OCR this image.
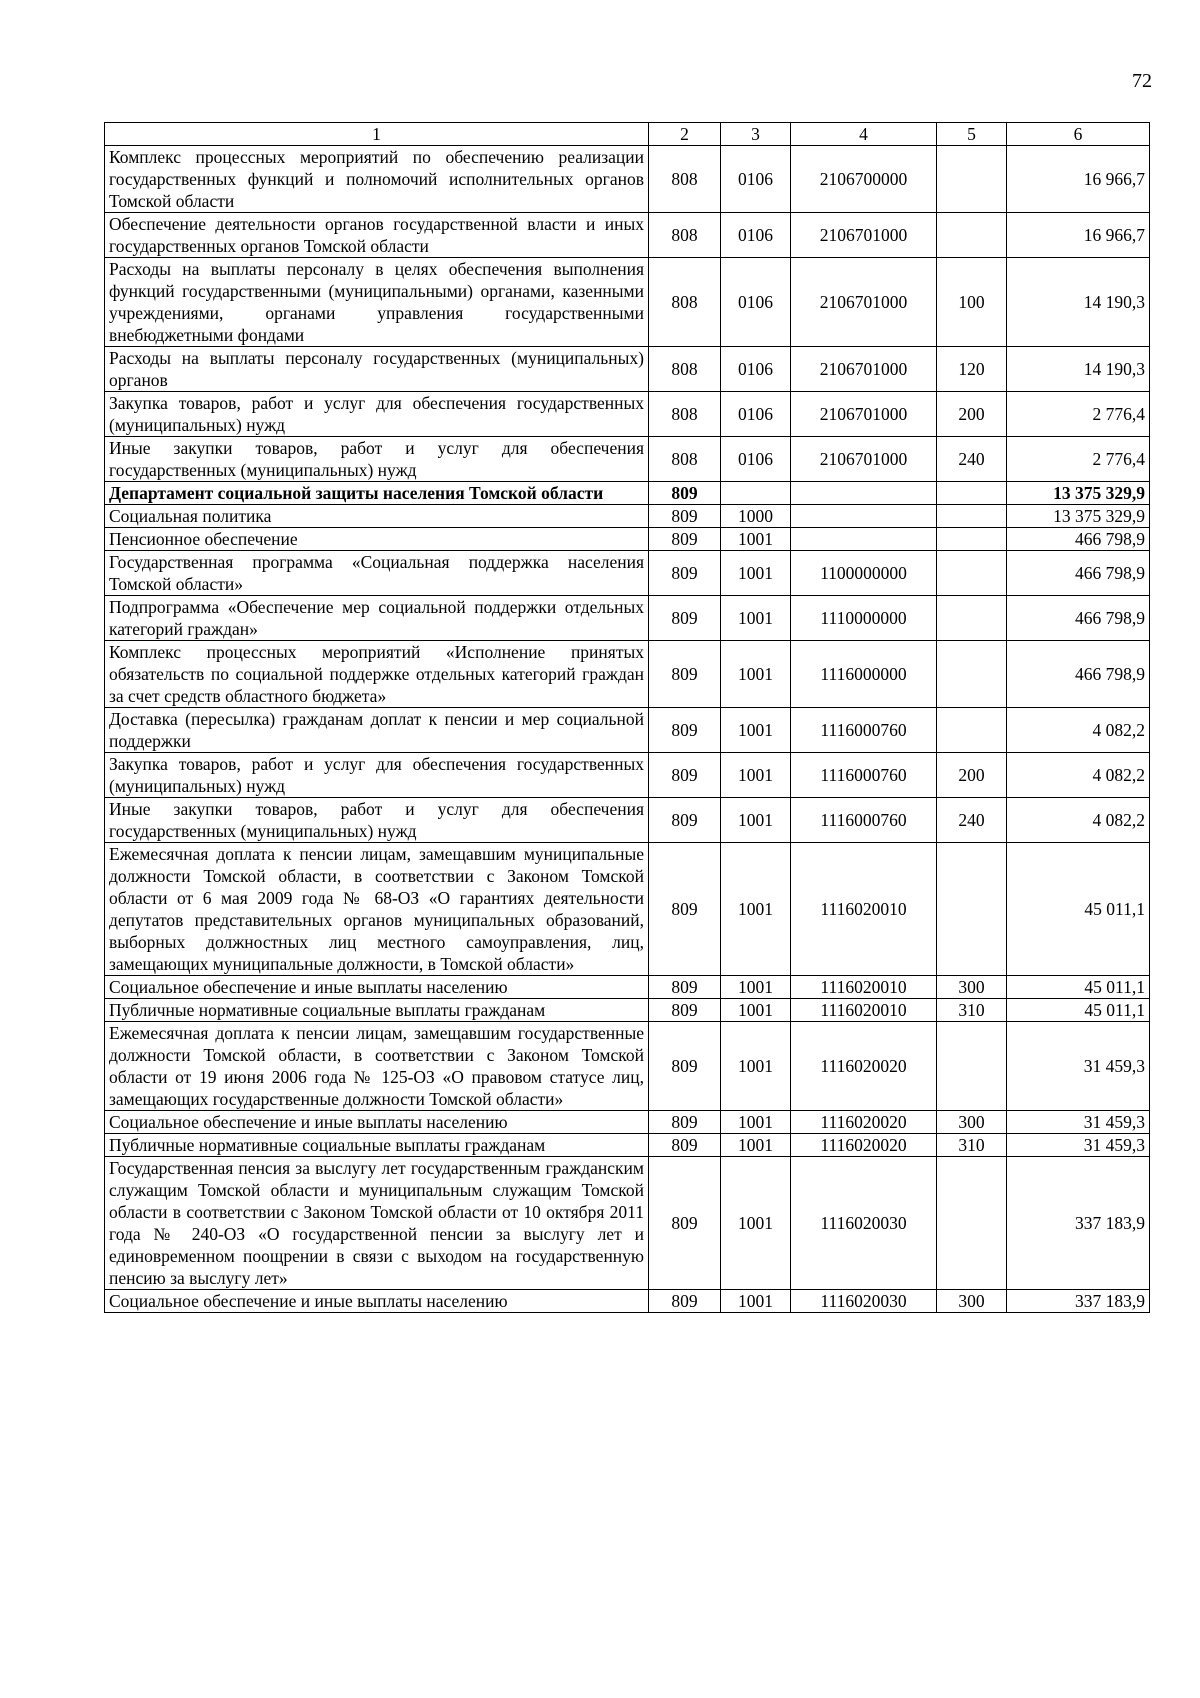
72
1	2	3	4	5	6
Комплекс процессных мероприятий по обеспечению реализации государственных функций и полномочий исполнительных органов Томской области	808	0106	2106700000		16 966,7
Обеспечение деятельности органов государственной власти и иных государственных органов Томской области	808	0106	2106701000		16 966,7
Расходы на выплаты персоналу в целях обеспечения выполнения функций государственными (муниципальными) органами, казенными учреждениями, органами управления государственными внебюджетными фондами	808	0106	2106701000	100	14 190,3
Расходы на выплаты персоналу государственных (муниципальных) органов	808	0106	2106701000	120	14 190,3
Закупка товаров, работ и услуг для обеспечения государственных (муниципальных) нужд	808	0106	2106701000	200	2 776,4
Иные закупки товаров, работ и услуг для обеспечения государственных (муниципальных) нужд	808	0106	2106701000	240	2 776,4
Департамент социальной защиты населения Томской области	809				13 375 329,9
Социальная политика	809	1000			13 375 329,9
Пенсионное обеспечение	809	1001			466 798,9
Государственная программа «Социальная поддержка населения Томской области»	809	1001	1100000000		466 798,9
Подпрограмма «Обеспечение мер социальной поддержки отдельных категорий граждан»	809	1001	1110000000		466 798,9
Комплекс процессных мероприятий «Исполнение принятых обязательств по социальной поддержке отдельных категорий граждан за счет средств областного бюджета»	809	1001	1116000000		466 798,9
Доставка (пересылка) гражданам доплат к пенсии и мер социальной поддержки	809	1001	1116000760		4 082,2
Закупка товаров, работ и услуг для обеспечения государственных (муниципальных) нужд	809	1001	1116000760	200	4 082,2
Иные закупки товаров, работ и услуг для обеспечения государственных (муниципальных) нужд	809	1001	1116000760	240	4 082,2
Ежемесячная доплата к пенсии лицам, замещавшим муниципальные должности Томской области, в соответствии с Законом Томской области от 6 мая 2009 года № 68-ОЗ «О гарантиях деятельности депутатов представительных органов муниципальных образований, выборных должностных лиц местного самоуправления, лиц, замещающих муниципальные должности, в Томской области»	809	1001	1116020010		45 011,1
Социальное обеспечение и иные выплаты населению	809	1001	1116020010	300	45 011,1
Публичные нормативные социальные выплаты гражданам	809	1001	1116020010	310	45 011,1
Ежемесячная доплата к пенсии лицам, замещавшим государственные должности Томской области, в соответствии с Законом Томской области от 19 июня 2006 года № 125-ОЗ «О правовом статусе лиц, замещающих государственные должности Томской области»	809	1001	1116020020		31 459,3
Социальное обеспечение и иные выплаты населению	809	1001	1116020020	300	31 459,3
Публичные нормативные социальные выплаты гражданам	809	1001	1116020020	310	31 459,3
Государственная пенсия за выслугу лет государственным гражданским служащим Томской области и муниципальным служащим Томской области в соответствии с Законом Томской области от 10 октября 2011 года № 240-ОЗ «О государственной пенсии за выслугу лет и единовременном поощрении в связи с выходом на государственную пенсию за выслугу лет»	809	1001	1116020030		337 183,9
Социальное обеспечение и иные выплаты населению	809	1001	1116020030	300	337 183,9
